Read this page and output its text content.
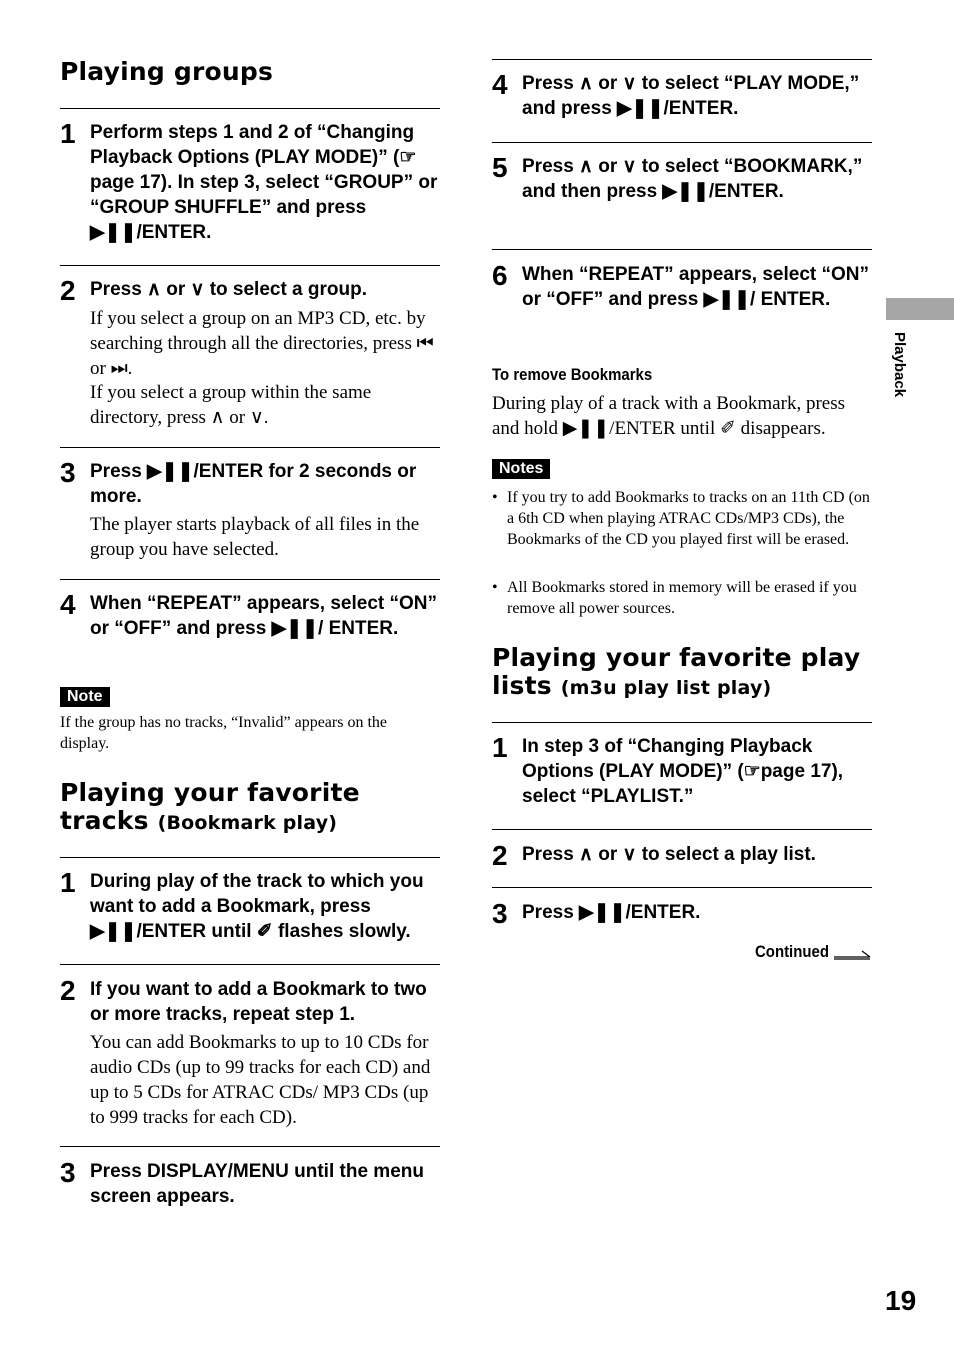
Playing groups
1 Perform steps 1 and 2 of “Changing Playback Options (PLAY MODE)” (☞ page 17). In step 3, select “GROUP” or “GROUP SHUFFLE” and press ▶❚❚/ENTER.
2 Press ∧ or ∨ to select a group.
If you select a group on an MP3 CD, etc. by searching through all the directories, press ⏮ or ⏭.
If you select a group within the same directory, press ∧ or ∨.
3 Press ▶❚❚/ENTER for 2 seconds or more.
The player starts playback of all files in the group you have selected.
4 When “REPEAT” appears, select “ON” or “OFF” and press ▶❚❚/ ENTER.
Note
If the group has no tracks, “Invalid” appears on the display.
Playing your favorite
tracks (Bookmark play)
1 During play of the track to which you want to add a Bookmark, press ▶❚❚/ENTER until ✐ flashes slowly.
2 If you want to add a Bookmark to two or more tracks, repeat step 1.
You can add Bookmarks to up to 10 CDs for audio CDs (up to 99 tracks for each CD) and up to 5 CDs for ATRAC CDs/ MP3 CDs (up to 999 tracks for each CD).
3 Press DISPLAY/MENU until the menu screen appears.
4 Press ∧ or ∨ to select “PLAY MODE,” and press ▶❚❚/ENTER.
5 Press ∧ or ∨ to select “BOOKMARK,” and then press ▶❚❚/ENTER.
6 When “REPEAT” appears, select “ON” or “OFF” and press ▶❚❚/ ENTER.
To remove Bookmarks
During play of a track with a Bookmark, press and hold ▶❚❚/ENTER until ✐ disappears.
Notes
• If you try to add Bookmarks to tracks on an 11th CD (on a 6th CD when playing ATRAC CDs/MP3 CDs), the Bookmarks of the CD you played first will be erased.
• All Bookmarks stored in memory will be erased if you remove all power sources.
Playing your favorite play
lists (m3u play list play)
1 In step 3 of “Changing Playback Options (PLAY MODE)” (☞page 17), select “PLAYLIST.”
2 Press ∧ or ∨ to select a play list.
3 Press ▶❚❚/ENTER.
Continued
Playback
19
